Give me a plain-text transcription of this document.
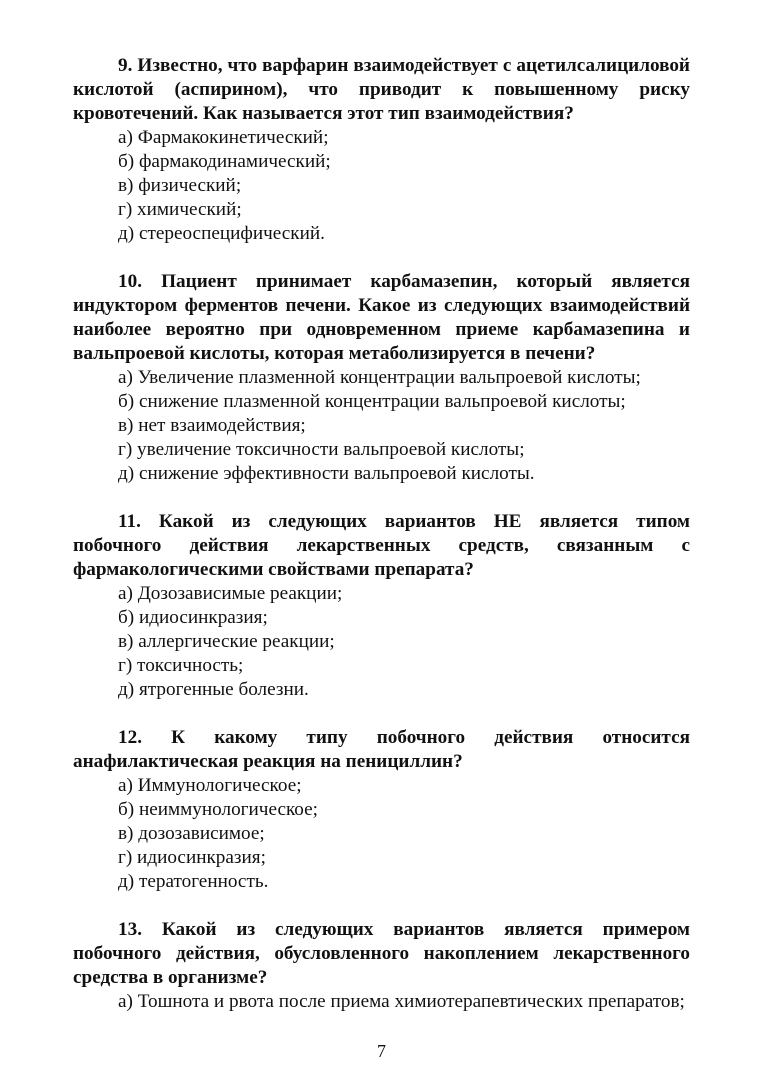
9. Известно, что варфарин взаимодействует с ацетилсалициловой кислотой (аспирином), что приводит к повышенному риску кровотечений. Как называется этот тип взаимодействия?

а) Фармакокинетический;

б) фармакодинамический;

в) физический;

г) химический;

д) стереоспецифический.

10. Пациент принимает карбамазепин, который является индуктором ферментов печени. Какое из следующих взаимодействий наиболее вероятно при одновременном приеме карбамазепина и вальпроевой кислоты, которая метаболизируется в печени?

а) Увеличение плазменной концентрации вальпроевой кислоты;

б) снижение плазменной концентрации вальпроевой кислоты;

в) нет взаимодействия;

г) увеличение токсичности вальпроевой кислоты;

д) снижение эффективности вальпроевой кислоты.

11. Какой из следующих вариантов НЕ является типом побочного действия лекарственных средств, связанным с фармакологическими свойствами препарата?

а) Дозозависимые реакции;

б) идиосинкразия;

в) аллергические реакции;

г) токсичность;

д) ятрогенные болезни.

12. К какому типу побочного действия относится анафилактическая реакция на пенициллин?

а) Иммунологическое;

б) неиммунологическое;

в) дозозависимое;

г) идиосинкразия;

д) тератогенность.

13. Какой из следующих вариантов является примером побочного действия, обусловленного накоплением лекарственного средства в организме?

а) Тошнота и рвота после приема химиотерапевтических препаратов;

7
